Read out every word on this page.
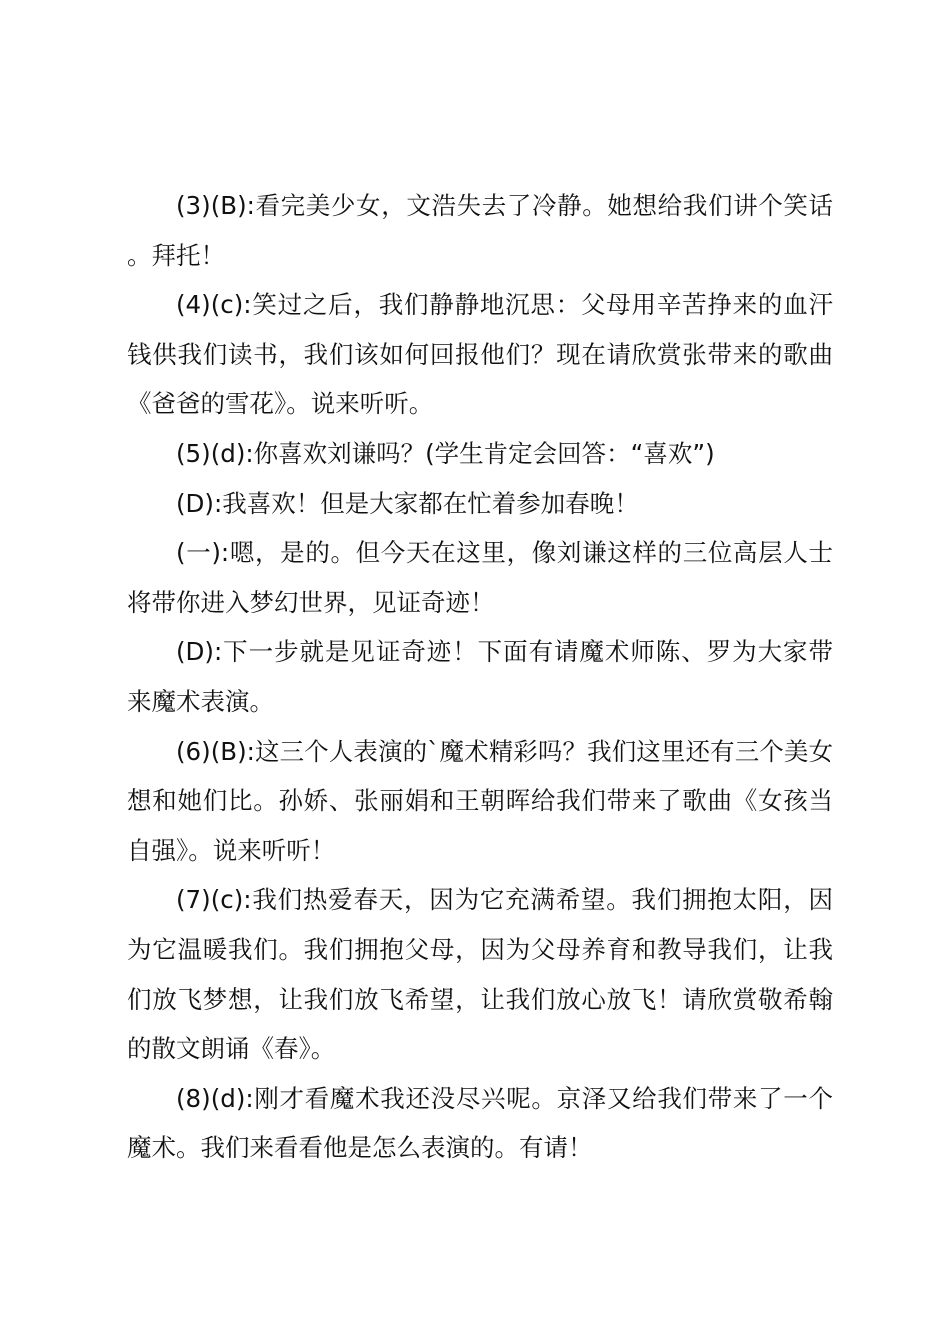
(3)(B):看完美少女，文浩失去了冷静。她想给我们讲个笑话。拜托！

(4)(c):笑过之后，我们静静地沉思：父母用辛苦挣来的血汗钱供我们读书，我们该如何回报他们？现在请欣赏张带来的歌曲《爸爸的雪花》。说来听听。

(5)(d):你喜欢刘谦吗？(学生肯定会回答：“喜欢”)

(D):我喜欢！但是大家都在忙着参加春晚！

(一):嗯，是的。但今天在这里，像刘谦这样的三位高层人士将带你进入梦幻世界，见证奇迹！

(D):下一步就是见证奇迹！下面有请魔术师陈、罗为大家带来魔术表演。

(6)(B):这三个人表演的`魔术精彩吗？我们这里还有三个美女想和她们比。孙娇、张丽娟和王朝晖给我们带来了歌曲《女孩当自强》。说来听听！

(7)(c):我们热爱春天，因为它充满希望。我们拥抱太阳，因为它温暖我们。我们拥抱父母，因为父母养育和教导我们，让我们放飞梦想，让我们放飞希望，让我们放心放飞！请欣赏敬希翰的散文朗诵《春》。

(8)(d):刚才看魔术我还没尽兴呢。京泽又给我们带来了一个魔术。我们来看看他是怎么表演的。有请！
